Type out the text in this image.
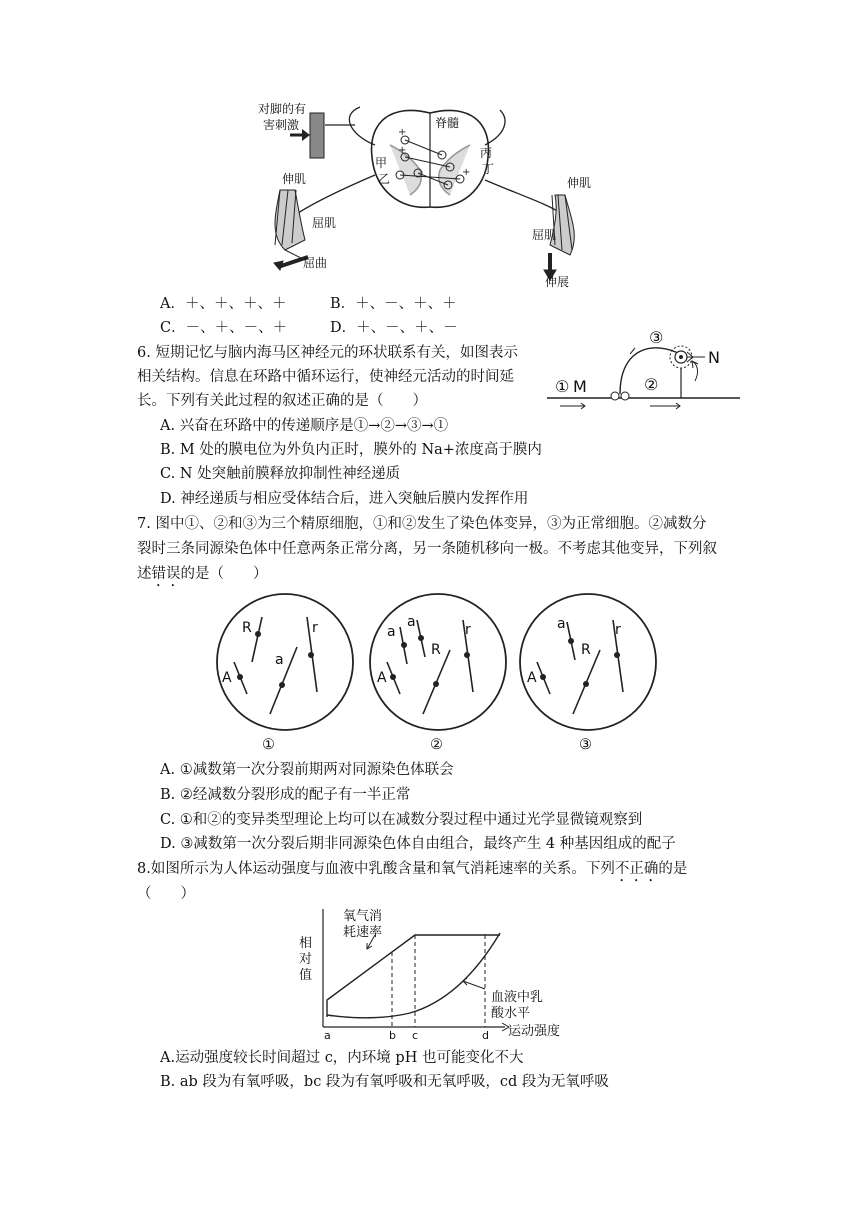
+
+
+
对脚的有
害刺激	脊髓
甲
乙
丙
丁
伸肌
屈肌
屈曲
伸肌
屈肌
伸展
A．＋、＋、＋、＋	B．＋、－、＋、＋
C．－、＋、－、＋	D．＋、－、＋、－
6. 短期记忆与脑内海马区神经元的环状联系有关，如图表示
相关结构。信息在环路中循环运行，使神经元活动的时间延
长。下列有关此过程的叙述正确的是（　　）
A. 兴奋在环路中的传递顺序是①→②→③→①
B. M 处的膜电位为外负内正时，膜外的 Na+浓度高于膜内
C. N 处突触前膜释放抑制性神经递质
D. 神经递质与相应受体结合后，进入突触后膜内发挥作用
① M	②
③
N
7. 图中①、②和③为三个精原细胞，①和②发生了染色体变异，③为正常细胞。②减数分
裂时三条同源染色体中任意两条正常分离，另一条随机移向一极。不考虑其他变异，下列叙
述错误的是（　　）
R	r
a
A
①
a
a	r
R
A
②
a	r
R
A
③
A. ①减数第一次分裂前期两对同源染色体联会
B. ②经减数分裂形成的配子有一半正常
C. ①和②的变异类型理论上均可以在减数分裂过程中通过光学显微镜观察到
D. ③减数第一次分裂后期非同源染色体自由组合，最终产生 4 种基因组成的配子
8.如图所示为人体运动强度与血液中乳酸含量和氧气消耗速率的关系。下列不正确的是
（　　）
相
对
值
氧气消
耗速率
血液中乳
酸水平
运动强度
a	b c	d
A.运动强度较长时间超过 c，内环境 pH 也可能变化不大
B. ab 段为有氧呼吸，bc 段为有氧呼吸和无氧呼吸，cd 段为无氧呼吸
